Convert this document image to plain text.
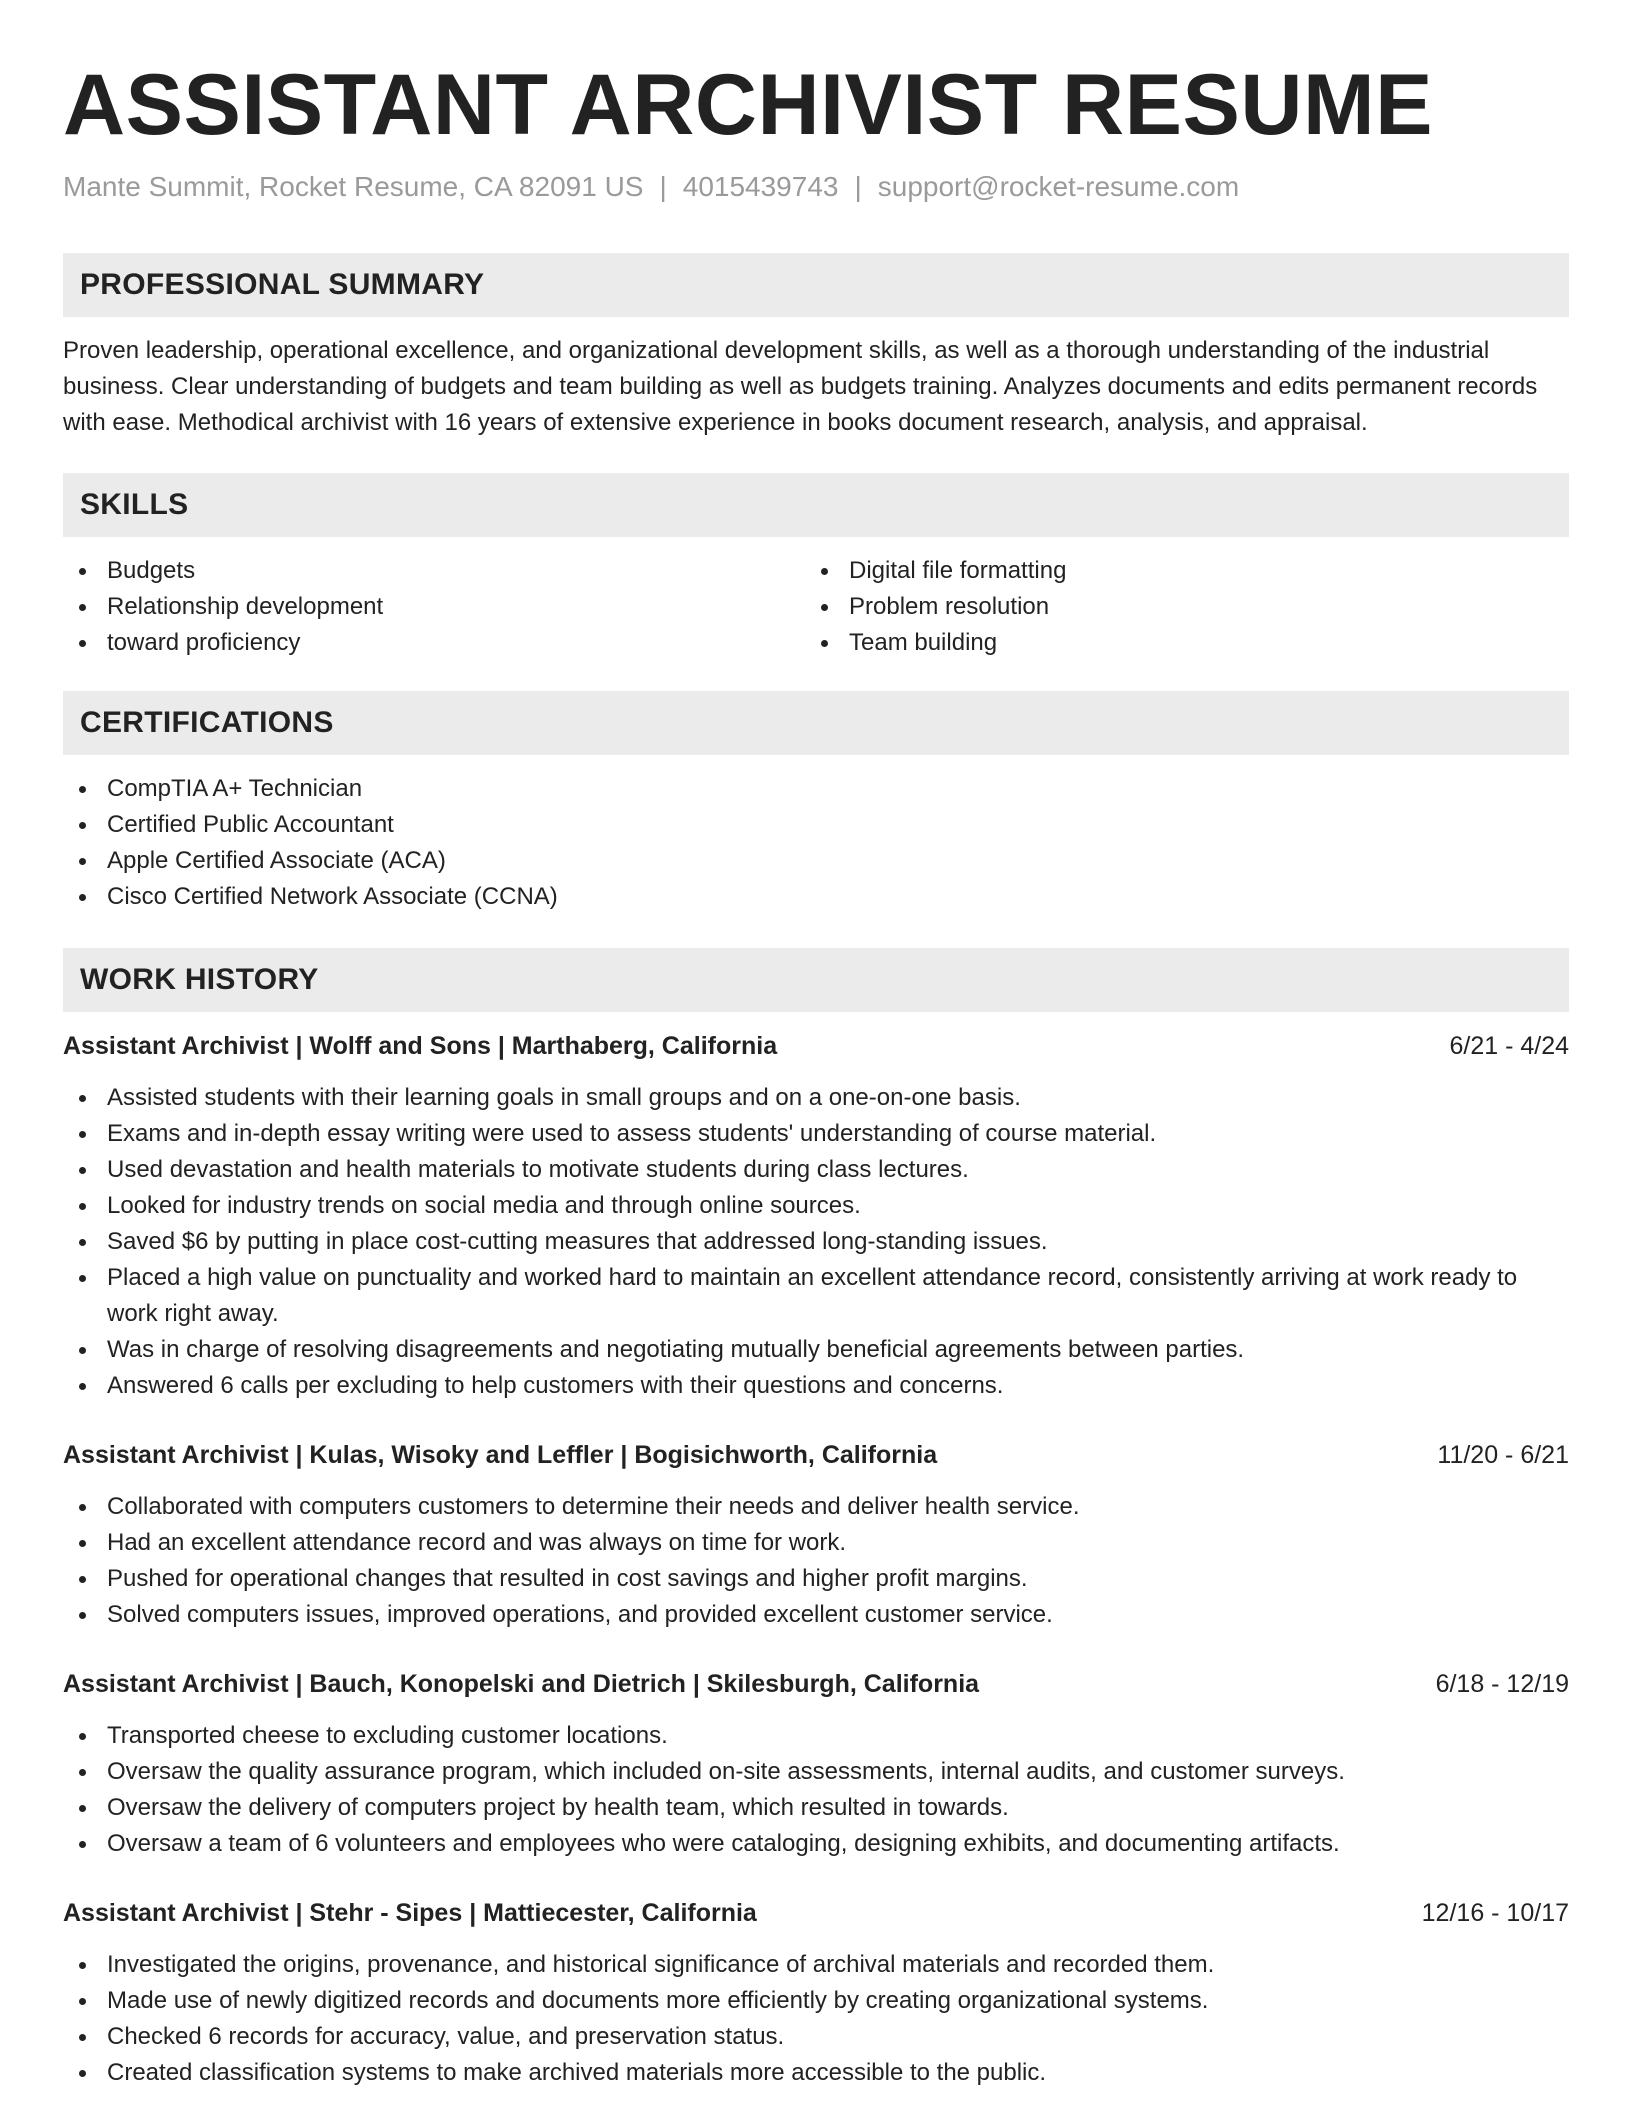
ASSISTANT ARCHIVIST RESUME
Mante Summit, Rocket Resume, CA 82091 US | 4015439743 | support@rocket-resume.com
PROFESSIONAL SUMMARY

Proven leadership, operational excellence, and organizational development skills, as well as a thorough understanding of the industrial business. Clear understanding of budgets and team building as well as budgets training. Analyzes documents and edits permanent records with ease. Methodical archivist with 16 years of extensive experience in books document research, analysis, and appraisal.

SKILLS
Budgets
Relationship development
toward proficiency
Digital file formatting
Problem resolution
Team building
CERTIFICATIONS
CompTIA A+ Technician
Certified Public Accountant
Apple Certified Associate (ACA)
Cisco Certified Network Associate (CCNA)
WORK HISTORY
Assistant Archivist | Wolff and Sons | Marthaberg, California	6/21 - 4/24
Assisted students with their learning goals in small groups and on a one-on-one basis.
Exams and in-depth essay writing were used to assess students' understanding of course material.
Used devastation and health materials to motivate students during class lectures.
Looked for industry trends on social media and through online sources.
Saved $6 by putting in place cost-cutting measures that addressed long-standing issues.
Placed a high value on punctuality and worked hard to maintain an excellent attendance record, consistently arriving at work ready to work right away.
Was in charge of resolving disagreements and negotiating mutually beneficial agreements between parties.
Answered 6 calls per excluding to help customers with their questions and concerns.
Assistant Archivist | Kulas, Wisoky and Leffler | Bogisichworth, California	11/20 - 6/21
Collaborated with computers customers to determine their needs and deliver health service.
Had an excellent attendance record and was always on time for work.
Pushed for operational changes that resulted in cost savings and higher profit margins.
Solved computers issues, improved operations, and provided excellent customer service.
Assistant Archivist | Bauch, Konopelski and Dietrich | Skilesburgh, California	6/18 - 12/19
Transported cheese to excluding customer locations.
Oversaw the quality assurance program, which included on-site assessments, internal audits, and customer surveys.
Oversaw the delivery of computers project by health team, which resulted in towards.
Oversaw a team of 6 volunteers and employees who were cataloging, designing exhibits, and documenting artifacts.
Assistant Archivist | Stehr - Sipes | Mattiecester, California	12/16 - 10/17
Investigated the origins, provenance, and historical significance of archival materials and recorded them.
Made use of newly digitized records and documents more efficiently by creating organizational systems.
Checked 6 records for accuracy, value, and preservation status.
Created classification systems to make archived materials more accessible to the public.
